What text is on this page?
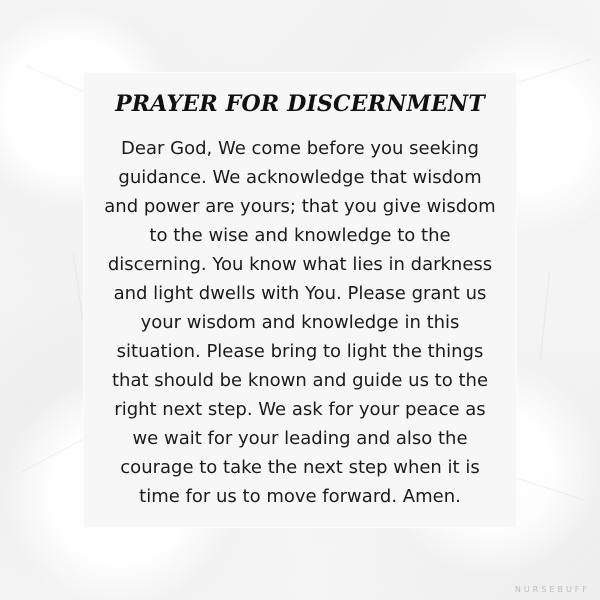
PRAYER FOR DISCERNMENT

Dear God, We come before you seeking guidance. We acknowledge that wisdom and power are yours; that you give wisdom to the wise and knowledge to the discerning. You know what lies in darkness and light dwells with You. Please grant us your wisdom and knowledge in this situation. Please bring to light the things that should be known and guide us to the right next step. We ask for your peace as we wait for your leading and also the courage to take the next step when it is time for us to move forward. Amen.

NURSEBUFF
